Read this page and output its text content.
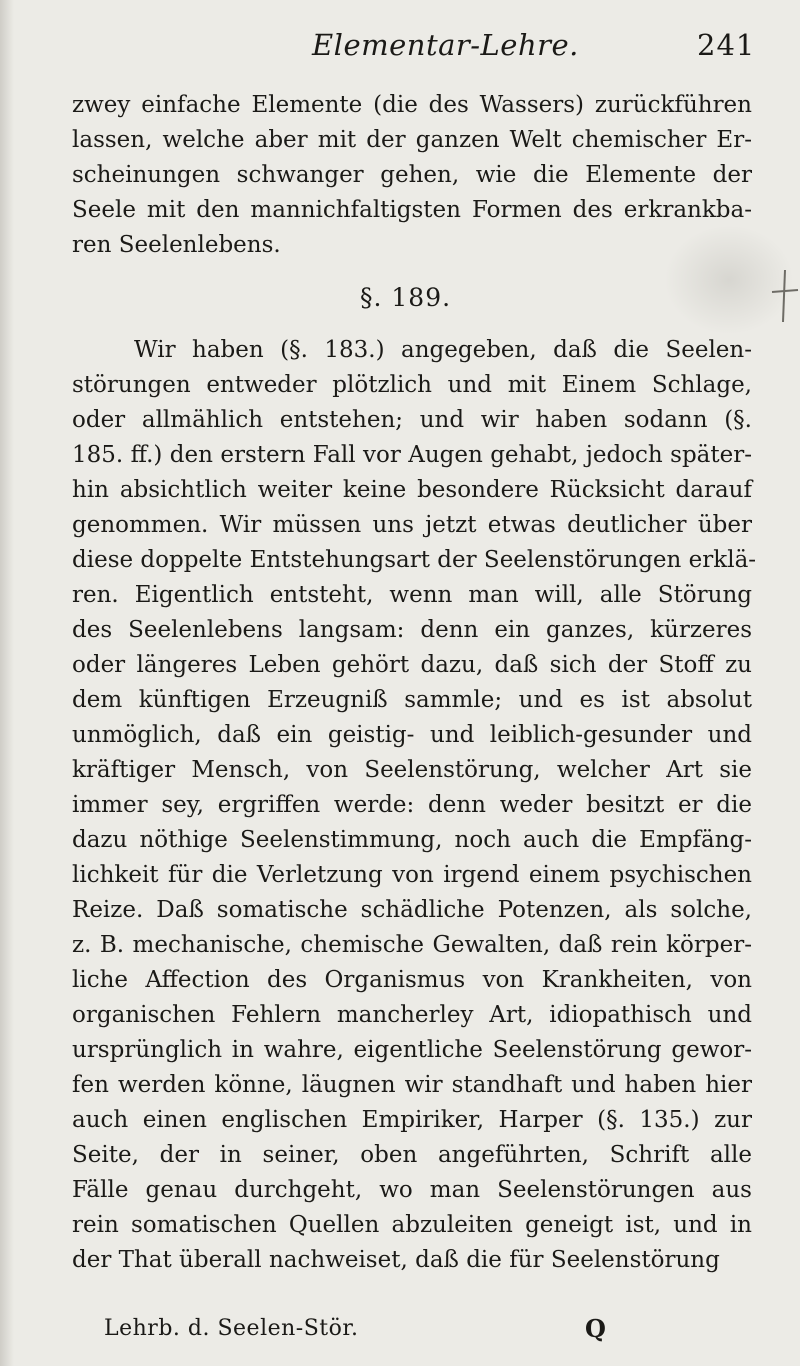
Elementar-Lehre.	241
zwey einfache Elemente (die des Wassers) zurückführen
lassen, welche aber mit der ganzen Welt chemischer Er-
scheinungen schwanger gehen, wie die Elemente der
Seele mit den mannichfaltigsten Formen des erkrankba-
ren Seelenlebens.
§. 189.
Wir haben (§. 183.) angegeben, daß die Seelen-
störungen entweder plötzlich und mit Einem Schlage,
oder allmählich entstehen; und wir haben sodann (§.
185. ff.) den erstern Fall vor Augen gehabt, jedoch später-
hin absichtlich weiter keine besondere Rücksicht darauf
genommen. Wir müssen uns jetzt etwas deutlicher über
diese doppelte Entstehungsart der Seelenstörungen erklä-
ren. Eigentlich entsteht, wenn man will, alle Störung
des Seelenlebens langsam: denn ein ganzes, kürzeres
oder längeres Leben gehört dazu, daß sich der Stoff zu
dem künftigen Erzeugniß sammle; und es ist absolut
unmöglich, daß ein geistig- und leiblich-gesunder und
kräftiger Mensch, von Seelenstörung, welcher Art sie
immer sey, ergriffen werde: denn weder besitzt er die
dazu nöthige Seelenstimmung, noch auch die Empfäng-
lichkeit für die Verletzung von irgend einem psychischen
Reize. Daß somatische schädliche Potenzen, als solche,
z. B. mechanische, chemische Gewalten, daß rein körper-
liche Affection des Organismus von Krankheiten, von
organischen Fehlern mancherley Art, idiopathisch und
ursprünglich in wahre, eigentliche Seelenstörung gewor-
fen werden könne, läugnen wir standhaft und haben hier
auch einen englischen Empiriker, Harper (§. 135.) zur
Seite, der in seiner, oben angeführten, Schrift alle
Fälle genau durchgeht, wo man Seelenstörungen aus
rein somatischen Quellen abzuleiten geneigt ist, und in
der That überall nachweiset, daß die für Seelenstörung
Lehrb. d. Seelen-Stör.	Q
